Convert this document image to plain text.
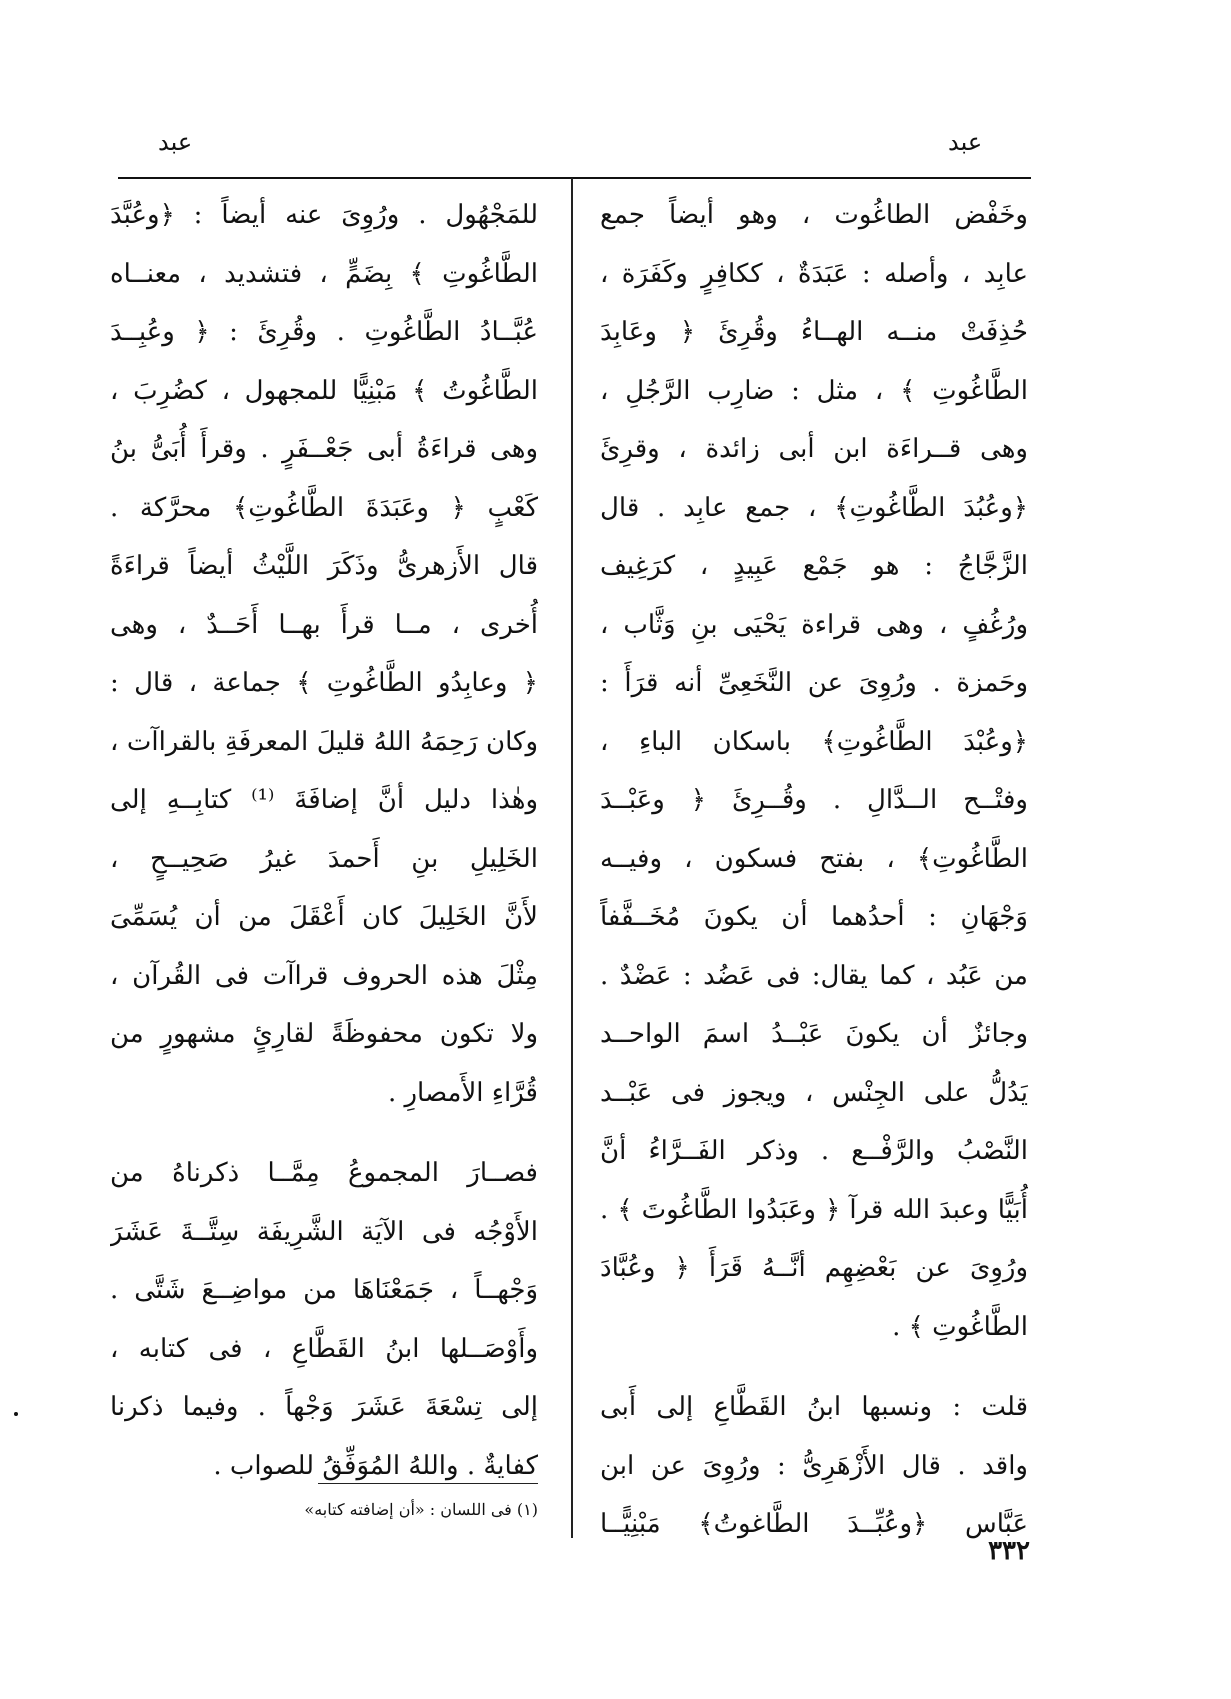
عبد	عبد
وخَفْض الطاغُوت ، وهو أيضاً جمع
عابِد ، وأصله : عَبَدَةٌ ، ككافِرٍ وكَفَرَة ،
حُذِفَتْ منــه الهــاءُ وقُرِئَ ﴿ وعَابِدَ
الطَّاغُوتِ ﴾ ، مثل : ضارِب الرَّجُلِ ،
وهى قــراءَة ابن أبى زائدة ، وقرِئَ
﴿وعُبُدَ الطَّاغُوتِ﴾ ، جمع عابِد . قال
الزَّجَّاجُ : هو جَمْع عَبِيدٍ ، كرَغِيف
ورُغُفٍ ، وهى قراءة يَحْيَى بنِ وَثَّاب ،
وحَمزة . ورُوِىَ عن النَّخَعِىِّ أنه قرَأَ :
﴿وعُبْدَ الطَّاغُوتِ﴾ باسكان الباءِ ،
وفتْــح الــدَّالِ . وقُــرِئَ ﴿ وعَبْــدَ
الطَّاغُوتِ﴾ ، بفتح فسكون ، وفيــه
وَجْهَانِ : أحدُهما أن يكونَ مُخَــفَّفاً
من عَبُد ، كما يقال: فى عَضُد : عَضْدٌ .
وجائزٌ أن يكونَ عَبْــدُ اسمَ الواحــد
يَدُلُّ على الجِنْس ، ويجوز فى عَبْــد
النَّصْبُ والرَّفْــع . وذكر الفَــرَّاءُ أنَّ
أُبَيًّا وعبدَ الله قرآ ﴿ وعَبَدُوا الطَّاغُوتَ ﴾ .
ورُوِىَ عن بَعْضِهِم أنَّــهُ قَرَأَ ﴿ وعُبَّادَ
الطَّاغُوتِ ﴾ .
قلت : ونسبها ابنُ القَطَّاعِ إلى أَبى
واقد . قال الأَزْهَرِىُّ : ورُوِىَ عن ابن
عَبَّاس ﴿وعُبِّــدَ الطَّاغوتُ﴾ مَبْنِيًّــا
للمَجْهُول . ورُوِىَ عنه أيضاً : ﴿وعُبَّدَ
الطَّاغُوتِ ﴾ بِضَمٍّ ، فتشديد ، معنــاه
عُبَّــادُ الطَّاغُوتِ . وقُرِئَ : ﴿ وعُبِــدَ
الطَّاغُوتُ ﴾ مَبْنِيًّا للمجهول ، كضُرِبَ ،
وهى قراءَةُ أبى جَعْــفَرٍ . وقرأَ أُبَىُّ بنُ
كَعْبٍ ﴿ وعَبَدَةَ الطَّاغُوتِ﴾ محرَّكة .
قال الأَزهرىُّ وذَكَرَ اللَّيْثُ أيضاً قراءَةً
أُخرى ، مــا قرأَ بهــا أَحَــدٌ ، وهى
﴿ وعابِدُو الطَّاغُوتِ ﴾ جماعة ، قال :
وكان رَحِمَهُ اللهُ قليلَ المعرفَةِ بالقراآت ،
وهٰذا دليل أنَّ إضافَةَ ⁽¹⁾ كتابِــهِ إلى
الخَلِيلِ بنِ أَحمدَ غيرُ صَحِيــحٍ ،
لأَنَّ الخَلِيلَ كان أَعْقَلَ من أن يُسَمِّىَ
مِثْلَ هذه الحروف قراآت فى القُرآن ،
ولا تكون محفوظَةً لقارِئٍ مشهورٍ من
قُرَّاءِ الأَمصارِ .
فصــارَ المجموعُ مِمَّــا ذكرناهُ من
الأَوْجُه فى الآيَة الشَّرِيفَة سِتَّــةَ عَشَرَ
وَجْهــاً ، جَمَعْنَاهَا من مواضِــعَ شَتَّى .
وأَوْصَــلها ابنُ القَطَّاعِ ، فى كتابه ،
إلى تِسْعَةَ عَشَرَ وَجْهاً . وفيما ذكرنا
كفايةٌ . واللهُ المُوَفِّقُ للصواب .
(١) فى اللسان : «أن إضافته كتابه»
٣٣٢
